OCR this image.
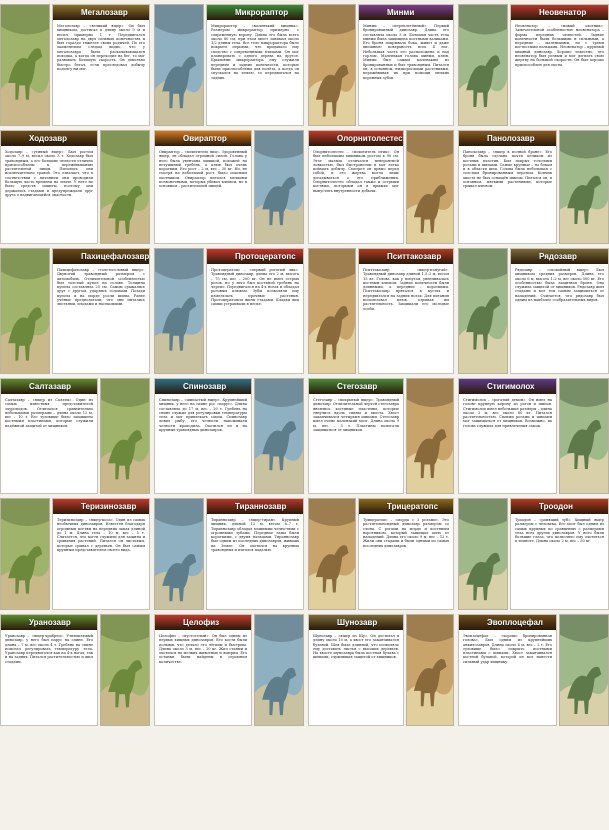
Мегалозавр
Мегалозавр – «великий ящер». Он был хищником, достигал в длину около 9 м и весил примерно 1 т. Передвигался мегалозавр на двух сильных конечностях и был гораздо тяжелее своих родичей. По его окаменелым следам видно, что у мегалозавра была раскачивающаяся походка, а когда он переходил на бег, то мог развивать большую скорость. Он довольно быстро бегал, если преследовал добычу подолгу ни мог.
Микрораптор
Микрораптор – «маленький хищник». Размером микрораптор примерно с современную ворону. Длина его была всего около 80 см, при этом хвост занимал около 1/2 длины тела. Все тело микрораптора было покрыто перьями, что придавало ему сходство с современными птицами. Он мог планировать с одного дерева на другое. Крыльями микрораптора ему служили передние и задние конечности, которые были приспособлены для полёта, а когда он спускался на землю, то передвигался на задних.
Минми
Минми – «переплетённый». Первый бронированный динозавр. Длина его составляла около 3 м. Большая часть тела минми была защищена костными валиками. Его броня покрывала бока, живот и даже внешнюю поверхность всех 4 ног. Небольшая часть его расположена и над горлом. Маленькая голова минми, клюв. Минми был самым маленьким из бронированных и был травоядным. Питался он, в основном, низкорослыми растениями, пережёвывая их при помощи мелких коренных зубов.
Неовенатор
Неовенатор – «новый охотник». Замечательной особенностью неовенатора – форма передних челюстей. Задние конечности были большими и сильными, а передние – маленькими, но с тремя когтистыми пальцами. Неовенатор – крупный хищный динозавр. Хорошо известно, что неовенатор был резвым и мог догнать свою жертву на большой скорости. Он был хорошо приспособлен для охоты.
Ходозавр
Ходозавр – «утиный ящер». Был ростом около 7–9 м, весил около 3 т. Ходозавр был травоядным, а его большие челюсти отлично приспособлены к пережёвыванию растительной пищи. Питались они исключительно травой. Это означает, что в соответствии с питанием они проводили большую часть времени на земле. У него не было средств защиты, поэтому они держались стадами и предупреждали друг друга о надвигающейся опасности.
Овираптор
Овираптор – «похититель яиц». Здоровенный ящер, он обладал огромной силой. Голова у него была увенчана шишкой, похожей на петушиный гребень, а клюв был очень коротким. Его рост – 2 м, вес – 30 кг. Но, не смотря на небольшой рост, было опасным охотником. Овираптор питался мелкими позвоночными, которых убивал клювом, но в основном – растительной пищей.
Олорнитолестес
Олорнитолестес – «похититель птиц». Он был небольшим хищником ростом в 90 см. Этот малыш отличался невероятной ловкостью, был быстроногим и мог легко поймать добычу. Смотрел он прямо перед собой, и его жертва могла лишь догадываться о его приближении. Олорнитолестес обладал также и острыми когтями, которыми он в прыжке мог выпустить внутренности добычи.
Панолозавр
Панолозавр – «ящер в полной броне». Его броня была сделана почти целиком из костных пластин. Был покрыт толстыми рогами и шипами. Самые крупные – по бокам и в области шеи. Голова была небольшая с толстым бронированным черепом. Кончик хвоста не был оснащён шипом. Питался он, в основном, мягкими растениями, которые срывал клювом.
Пахицефалозавр
Пахицефалозавр – «толстоголовый ящер». Двуногий травоядный размером с автомобиль. Отличительной особенностью был толстый купол на голове. Толщина купола составляла 25 см. Самцы сражались друг с другом, ударяясь головами. Позади купола и на морде росли шипы. Ранее учёные предполагали, что они питались листьями, плодами и насекомыми.
Протоцератопс
Протоцератопс – «первый рогатый лик». Травоядный динозавр, длина его 2 м, высота – 75 см, вес – 200 кг. Он не имел острых рогов, но у него был костяной гребень на черепе. Передвигался на 4-х ногах и обладал роговым клювом. Зубы позволяли ему измельчать прочные растения. Протоцератопсы жили стадами. Кладки яиц самки устраивали в песке.
Пситтакозавр
Пситтакозавр – «ящер-попугай». Травоядный динозавр длиной 1,5–2 м, весом 15 кг. Голова, как у попугая, увенчивалась костным клювом. Задние конечности были длинными, а передние – короткими. Пситтакозавр прятался в кустах и передвигался на задних ногах. Для питания использовал клюв, отрывая им растительность. Защищали его молодые особи.
Рядозавр
Рядозавр – «спокойный ящер». Был хищником средних размеров. Длина его около 6 м, высота 1–2 м, вес около 500 кг. Его особенностью была защитная броня. Она служила защитой от хищников. Рядозавр жил стадами и мог тем самым защищаться от нападений. Считается, что рядозавр был одним из наиболее сообразительных видов.
Салтазавр
Салтазавр – «ящер из Сальты». Один из самых известных представителей зауроподов. Отличался сравнительно небольшими размерами – длина около 12 м, вес – 10 т. Его туловище было защищено костными пластинами, которые служили надёжной защитой от хищников.
Спинозавр
Спинозавр – «шипастый ящер». Крупнейший хищник, у него на спине рос «парус». Длина составляла до 17 м, вес – 20 т. Гребень на спине служил для регулировки температуры тела и мог привлекать самок. Спинозавр ловил рыбу, его челюсти напоминали челюсти крокодила. Охотился он и на крупных травоядных динозавров.
Стегозавр
Стегозавр – «покрытый ящер». Травоядный динозавр. Отличительной чертой стегозавра являлись костяные пластины, которые тянулись вдоль спины и хвоста. Хвост заканчивался четырьмя шипами. Стегозавр имел очень маленький мозг. Длина около 9 м, вес – 5 т. Пластины помогали защищаться от хищников.
Стигимолох
Стигимолох – «рогатый демон». Он имел на голове крупную корону из рогов и шипов. Стигимолох имел небольшие размеры – длина около 2 м, вес около 80 кг. Питался растительностью. Своими рогами и шипами мог защищаться от хищников. Возможно, их голова служила для привлечения самок.
Теризинозавр
Теризинозавр – «ящер-коса». Один из самых необычных динозавров. Известен благодаря огромным когтям на передних лапах длиной до 1 м. Длина тела – 10 м, вес – 5 т. Считается, что когти служили для защиты и срывания растений. Питался он листьями, которые срывал с деревьев. Он был самым крупным представителем своего вида.
Тираннозавр
Тираннозавр – «ящер-тиран». Крупный хищник, длиной 12 м, весом 6–7 т. Тираннозавр обладал мощными челюстями с огромными зубами. Передние лапы были короткими, с двумя пальцами. Тираннозавр был одним из последних динозавров, живших на Земле. Он охотился на крупных травоядных и питался падалью.
Трицератопс
Трицератопс – «морда с 3 рогами». Это растительноядный динозавр размером со слона. С рогами на морде и костяным воротником, который защищал шею от нападений. Длина его около 9 м, вес – 12 т. Жили они стадами и были одними из самых последних динозавров.
Троодон
Троодон – «ранящий зуб». Хищный ящер размером с человека. Его мозг был одним из самых крупных по сравнению с размерами тела всех других динозавров. У него были большие глаза, что позволяло ему охотиться в темноте. Длина около 2 м, вес – 50 кг.
Уранозавр
Уранозавр – «ящер-храбрец». Утиноклювый динозавр, у него был парус на спине. Его длина – 7 м, вес около 4 т. Гребень на спине помогал регулировать температуру тела. Уранозавр передвигался как на 4-х ногах, так и на задних. Питался растительностью и жил стадами.
Целофиз
Целофиз – «пустотелый». Он был одним из первых хищных динозавров. Его кости были полыми, что делало его лёгким и быстрым. Длина около 3 м, вес – 20 кг. Жил стаями и охотился на мелких животных и ящериц. Его останки были найдены в огромном количестве.
Шунозавр
Шунозавр – «ящер из Шу». Он достигал в длину около 10 м, а хвост его заканчивался булавой. Шея была длинной, что позволяло ему доставать листья с высоких деревьев. На хвосте шунозавра была костная булава с шипами, служившая защитой от хищников.
Эвоплоцефал
Эвоплоцефал – «хорошо бронированная голова». Был одним из крупнейших анкилозавров. Длина около 6 м, вес – 2 т. Его туловище было покрыто костными пластинами с шипами. Хвост заканчивался костной булавой, которой он мог нанести сильный удар хищнику.
